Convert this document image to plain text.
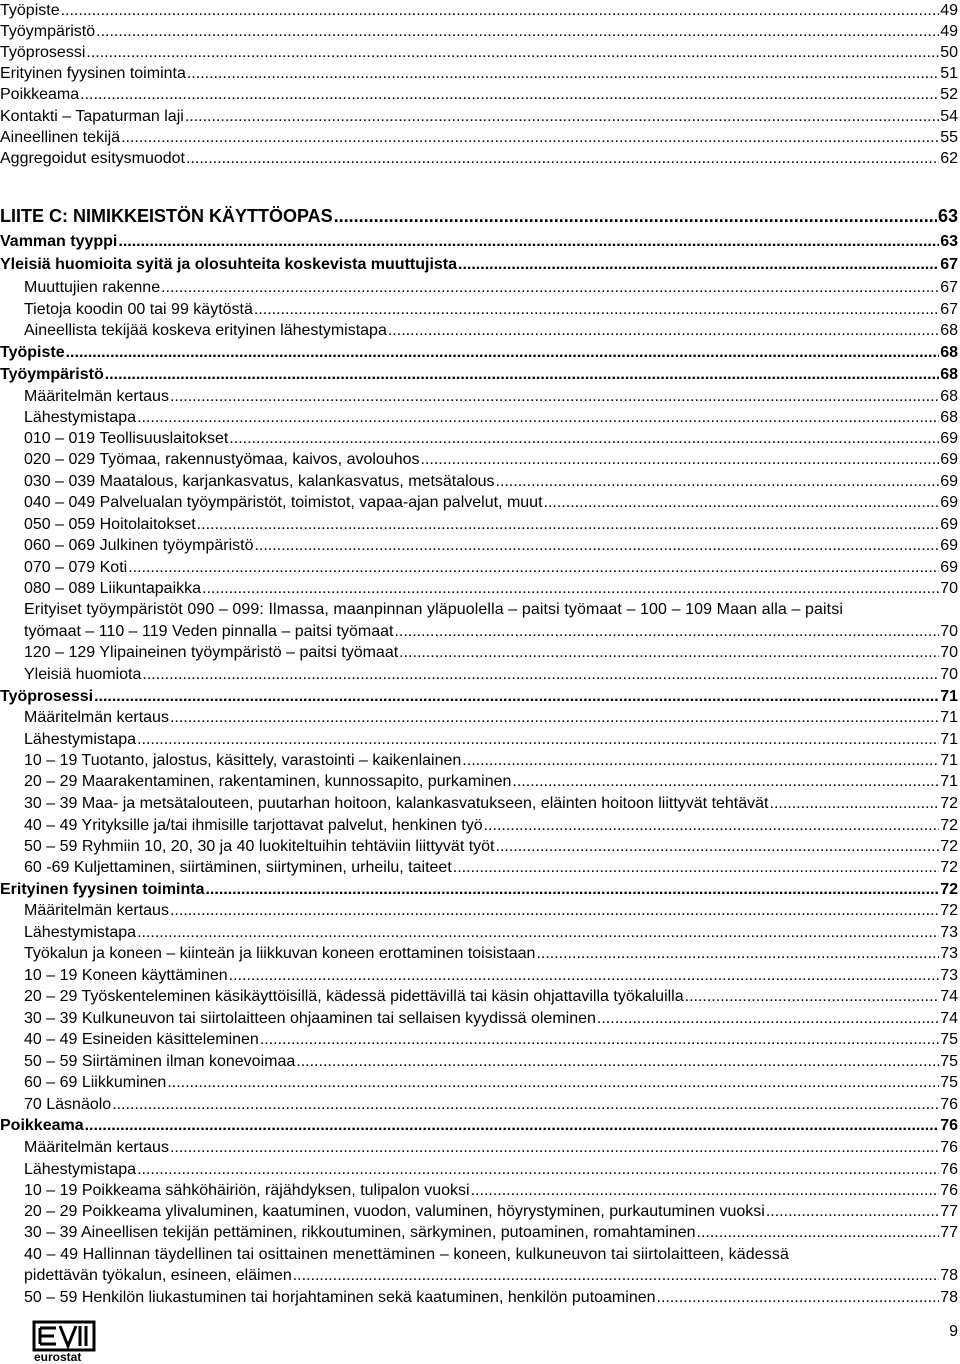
Työpiste .....	49
Työympäristö .....	49
Työprosessi .....	50
Erityinen fyysinen toiminta .....	51
Poikkeama .....	52
Kontakti – Tapaturman laji .....	54
Aineellinen tekijä .....	55
Aggregoidut esitysmuodot .....	62
LIITE C: NIMIKKEISTÖN KÄYTTÖOPAS .....	63
Vamman tyyppi .....	63
Yleisiä huomioita syitä ja olosuhteita koskevista muuttujista .....	67
Muuttujien rakenne .....	67
Tietoja koodin 00 tai 99 käytöstä .....	67
Aineellista tekijää koskeva erityinen lähestymistapa .....	68
Työpiste .....	68
Työympäristö .....	68
Määritelmän kertaus .....	68
Lähestymistapa .....	68
010 – 019 Teollisuuslaitokset .....	69
020 – 029 Työmaa, rakennustyömaa, kaivos, avolouhos .....	69
030 – 039 Maatalous, karjankasvatus, kalankasvatus, metsätalous .....	69
040 – 049 Palvelualan työympäristöt, toimistot, vapaa-ajan palvelut, muut .....	69
050 – 059 Hoitolaitokset .....	69
060 – 069 Julkinen työympäristö .....	69
070 – 079 Koti .....	69
080 – 089 Liikuntapaikka .....	70
Erityiset työympäristöt 090 – 099: Ilmassa, maanpinnan yläpuolella – paitsi työmaat – 100 – 109 Maan alla – paitsi
työmaat – 110 – 119 Veden pinnalla – paitsi työmaat .....	70
120 – 129 Ylipaineinen työympäristö – paitsi työmaat .....	70
Yleisiä huomiota .....	70
Työprosessi .....	71
Määritelmän kertaus .....	71
Lähestymistapa .....	71
10 – 19 Tuotanto, jalostus, käsittely, varastointi – kaikenlainen .....	71
20 – 29 Maarakentaminen, rakentaminen, kunnossapito, purkaminen .....	71
30 – 39 Maa- ja metsätalouteen, puutarhan hoitoon, kalankasvatukseen, eläinten hoitoon liittyvät tehtävät .....	72
40 – 49 Yrityksille ja/tai ihmisille tarjottavat palvelut, henkinen työ .....	72
50 – 59 Ryhmiin 10, 20, 30 ja 40 luokiteltuihin tehtäviin liittyvät työt .....	72
60 -69 Kuljettaminen, siirtäminen, siirtyminen, urheilu, taiteet .....	72
Erityinen fyysinen toiminta .....	72
Määritelmän kertaus .....	72
Lähestymistapa .....	73
Työkalun ja koneen – kiinteän ja liikkuvan koneen erottaminen toisistaan .....	73
10 – 19 Koneen käyttäminen .....	73
20 – 29 Työskenteleminen käsikäyttöisillä, kädessä pidettävillä tai käsin ohjattavilla työkaluilla .....	74
30 – 39 Kulkuneuvon tai siirtolaitteen ohjaaminen tai sellaisen kyydissä oleminen .....	74
40 – 49 Esineiden käsitteleminen .....	75
50 – 59 Siirtäminen ilman konevoimaa .....	75
60 – 69 Liikkuminen .....	75
70 Läsnäolo .....	76
Poikkeama .....	76
Määritelmän kertaus .....	76
Lähestymistapa .....	76
10 – 19 Poikkeama sähköhäiriön, räjähdyksen, tulipalon vuoksi .....	76
20 – 29 Poikkeama ylivaluminen, kaatuminen, vuodon, valuminen, höyrystyminen, purkautuminen vuoksi .....	77
30 – 39 Aineellisen tekijän pettäminen, rikkoutuminen, särkyminen, putoaminen, romahtaminen .....	77
40 – 49 Hallinnan täydellinen tai osittainen menettäminen – koneen, kulkuneuvon tai siirtolaitteen, kädessä
pidettävän työkalun, esineen, eläimen .....	78
50 – 59 Henkilön liukastuminen tai horjahtaminen sekä kaatuminen, henkilön putoaminen .....	78
eurostat
9
